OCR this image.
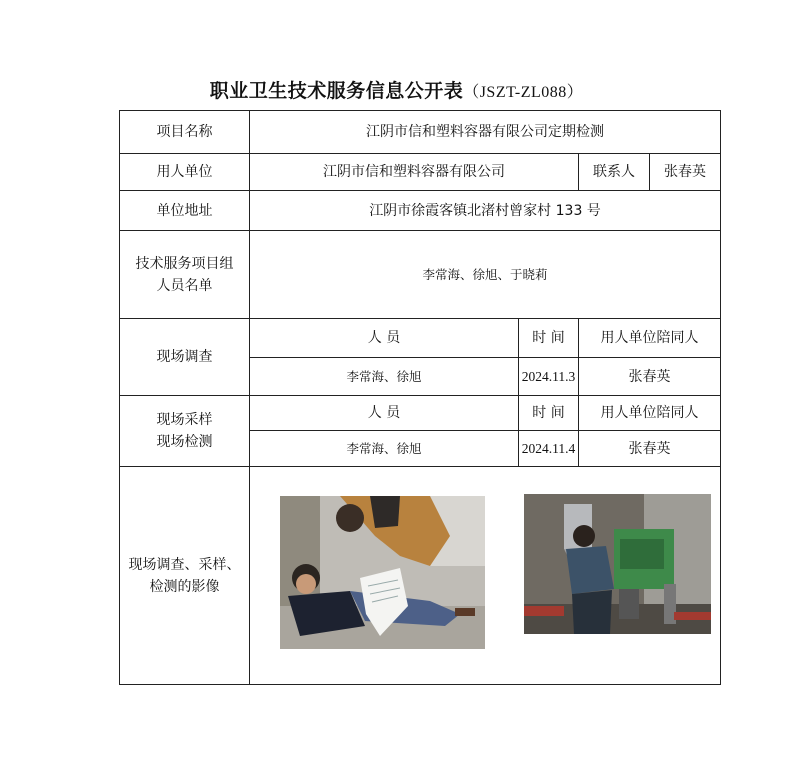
职业卫生技术服务信息公开表（JSZT-ZL088）
项目名称	江阴市信和塑料容器有限公司定期检测			
用人单位	江阴市信和塑料容器有限公司		联系人	张春英
单位地址	江阴市徐霞客镇北渚村曾家村 133 号			

技术服务项目组
人员名单	李常海、徐旭、于晓莉			
现场调查	人 员	时 间	用人单位陪同人	
	李常海、徐旭	2024.11.3	张春英	

现场采样
现场检测	人 员	时 间	用人单位陪同人	
	李常海、徐旭	2024.11.4	张春英	

现场调查、采样、
检测的影像				
